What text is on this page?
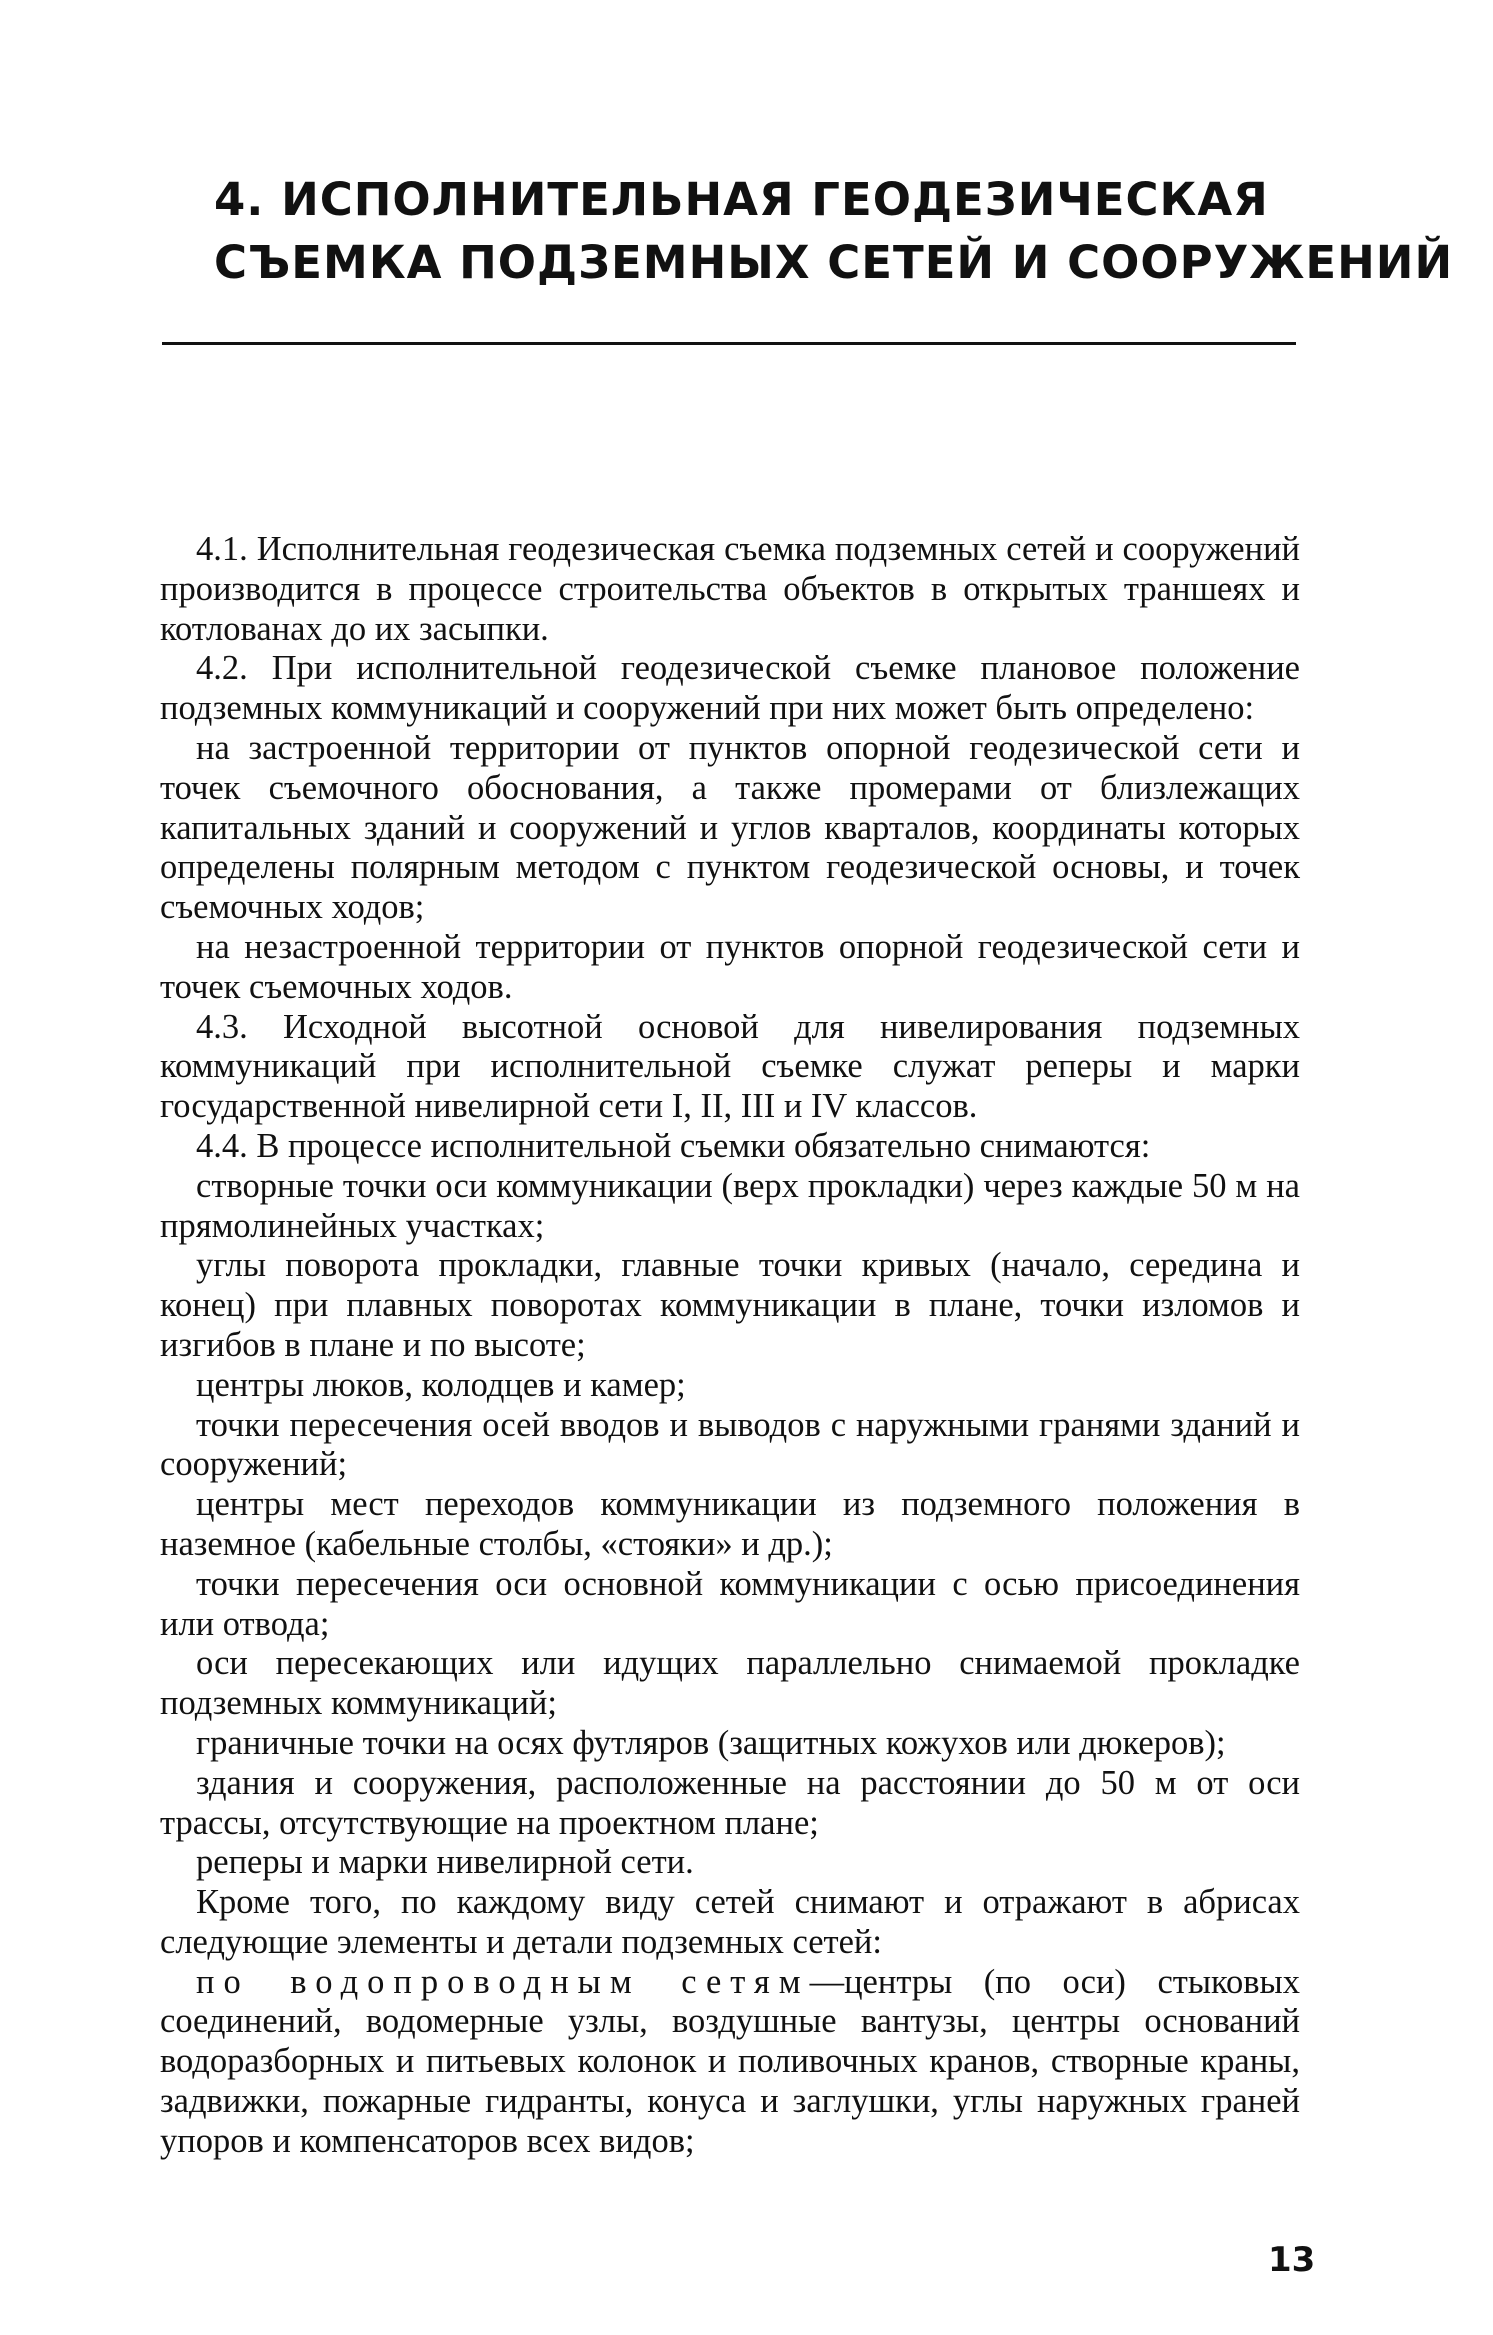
4. ИСПОЛНИТЕЛЬНАЯ ГЕОДЕЗИЧЕСКАЯ
СЪЕМКА ПОДЗЕМНЫХ СЕТЕЙ И СООРУЖЕНИЙ

4.1. Исполнительная геодезическая съемка подземных сетей и сооружений производится в процессе строительства объектов в открытых траншеях и котлованах до их засыпки.

4.2. При исполнительной геодезической съемке плановое положение подземных коммуникаций и сооружений при них может быть определено:

на застроенной территории от пунктов опорной геодезической сети и точек съемочного обоснования, а также промерами от близлежащих капитальных зданий и сооружений и углов кварталов, координаты которых определены полярным методом с пунктом геодезической основы, и точек съемочных ходов;

на незастроенной территории от пунктов опорной геодезической сети и точек съемочных ходов.

4.3. Исходной высотной основой для нивелирования подземных коммуникаций при исполнительной съемке служат реперы и марки государственной нивелирной сети I, II, III и IV классов.

4.4. В процессе исполнительной съемки обязательно снимаются:

створные точки оси коммуникации (верх прокладки) через каждые 50 м на прямолинейных участках;

углы поворота прокладки, главные точки кривых (начало, середина и конец) при плавных поворотах коммуникации в плане, точки изломов и изгибов в плане и по высоте;

центры люков, колодцев и камер;

точки пересечения осей вводов и выводов с наружными гранями зданий и сооружений;

центры мест переходов коммуникации из подземного положения в наземное (кабельные столбы, «стояки» и др.);

точки пересечения оси основной коммуникации с осью присоединения или отвода;

оси пересекающих или идущих параллельно снимаемой прокладке подземных коммуникаций;

граничные точки на осях футляров (защитных кожухов или дюкеров);

здания и сооружения, расположенные на расстоянии до 50 м от оси трассы, отсутствующие на проектном плане;

реперы и марки нивелирной сети.

Кроме того, по каждому виду сетей снимают и отражают в абрисах следующие элементы и детали подземных сетей:

по водопроводным сетям—центры (по оси) стыковых соединений, водомерные узлы, воздушные вантузы, центры оснований водоразборных и питьевых колонок и поливочных кранов, створные краны, задвижки, пожарные гидранты, конуса и заглушки, углы наружных граней упоров и компенсаторов всех видов;

13
